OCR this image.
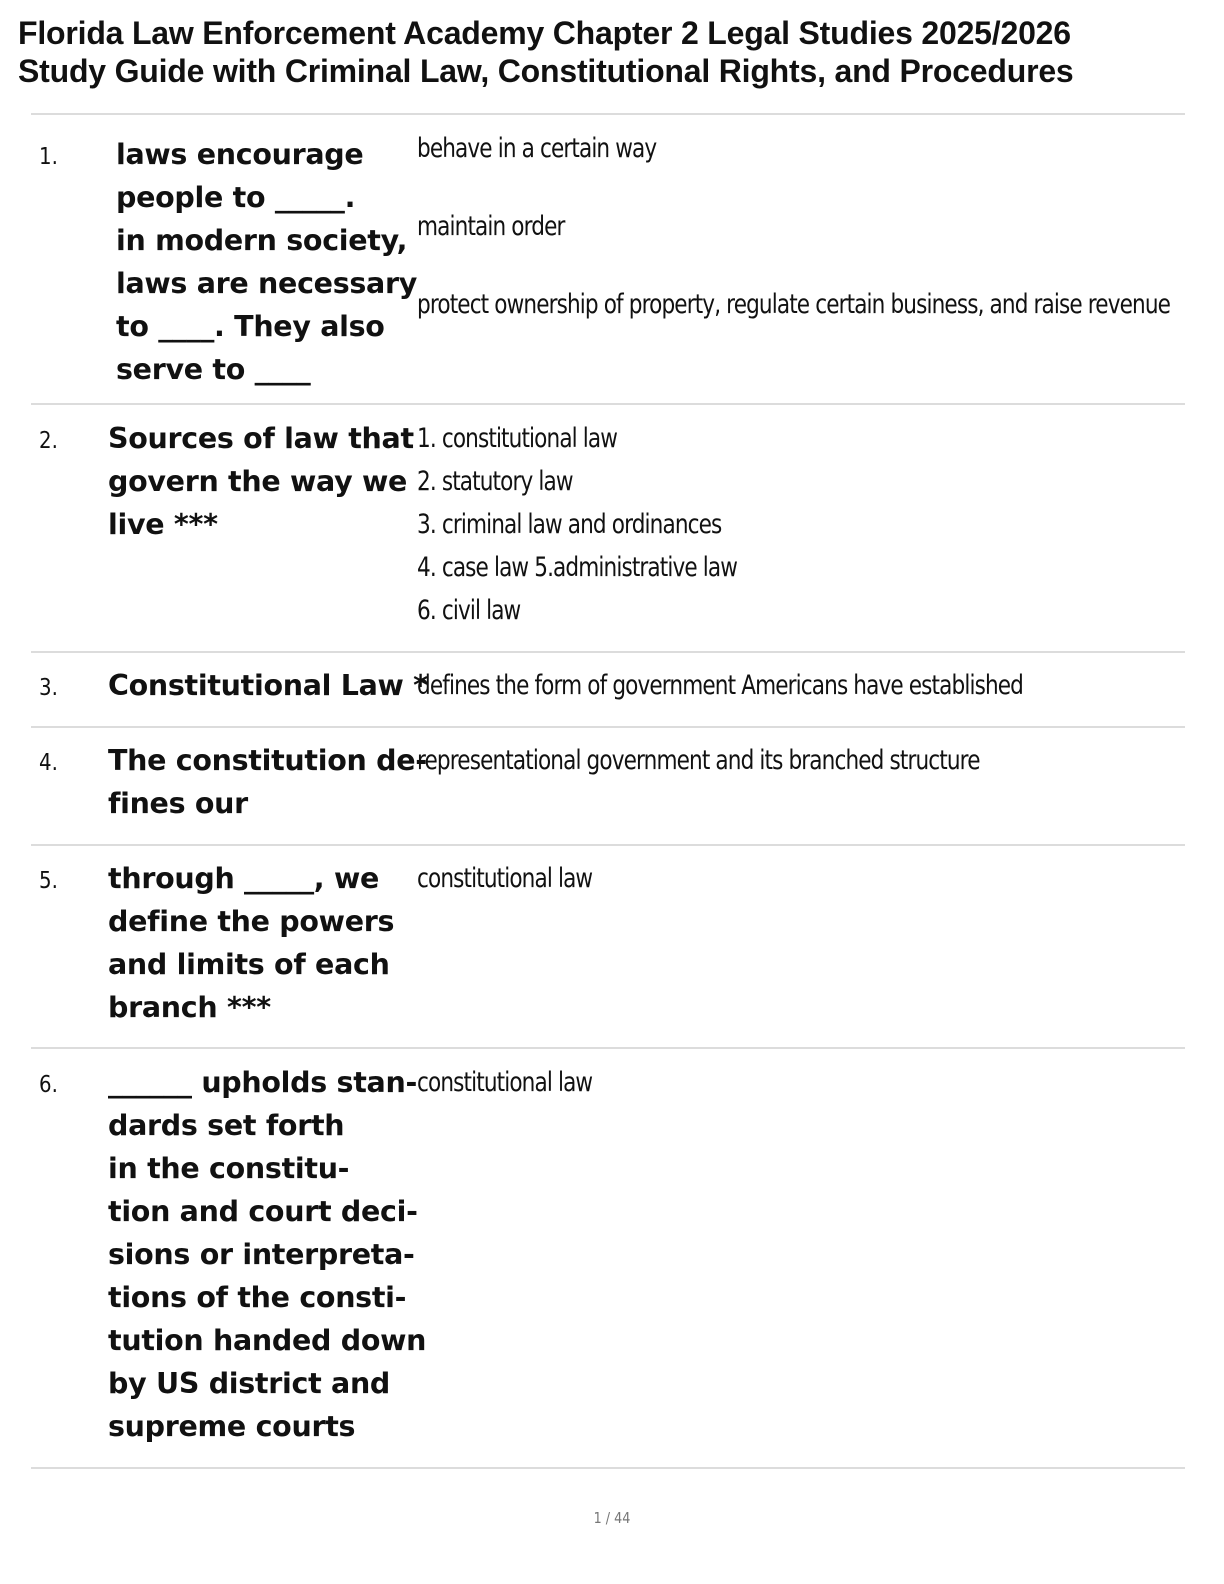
Florida Law Enforcement Academy Chapter 2 Legal Studies 2025/2026
Study Guide with Criminal Law, Constitutional Rights, and Procedures
1. laws encourage
people to _____.
in modern society,
laws are necessary
to ____. They also
serve to ____
behave in a certain way
maintain order
protect ownership of property, regulate certain business, and raise revenue
2. Sources of law that
govern the way we
live ***
1. constitutional law
2. statutory law
3. criminal law and ordinances
4. case law 5.administrative law
6. civil law
3. Constitutional Law *
defines the form of government Americans have established
4. The constitution de-
fines our
representational government and its branched structure
5. through _____, we
define the powers
and limits of each
branch ***
constitutional law
6. ______ upholds stan-
dards set forth
in the constitu-
tion and court deci-
sions or interpreta-
tions of the consti-
tution handed down
by US district and
supreme courts
constitutional law
1 / 44
